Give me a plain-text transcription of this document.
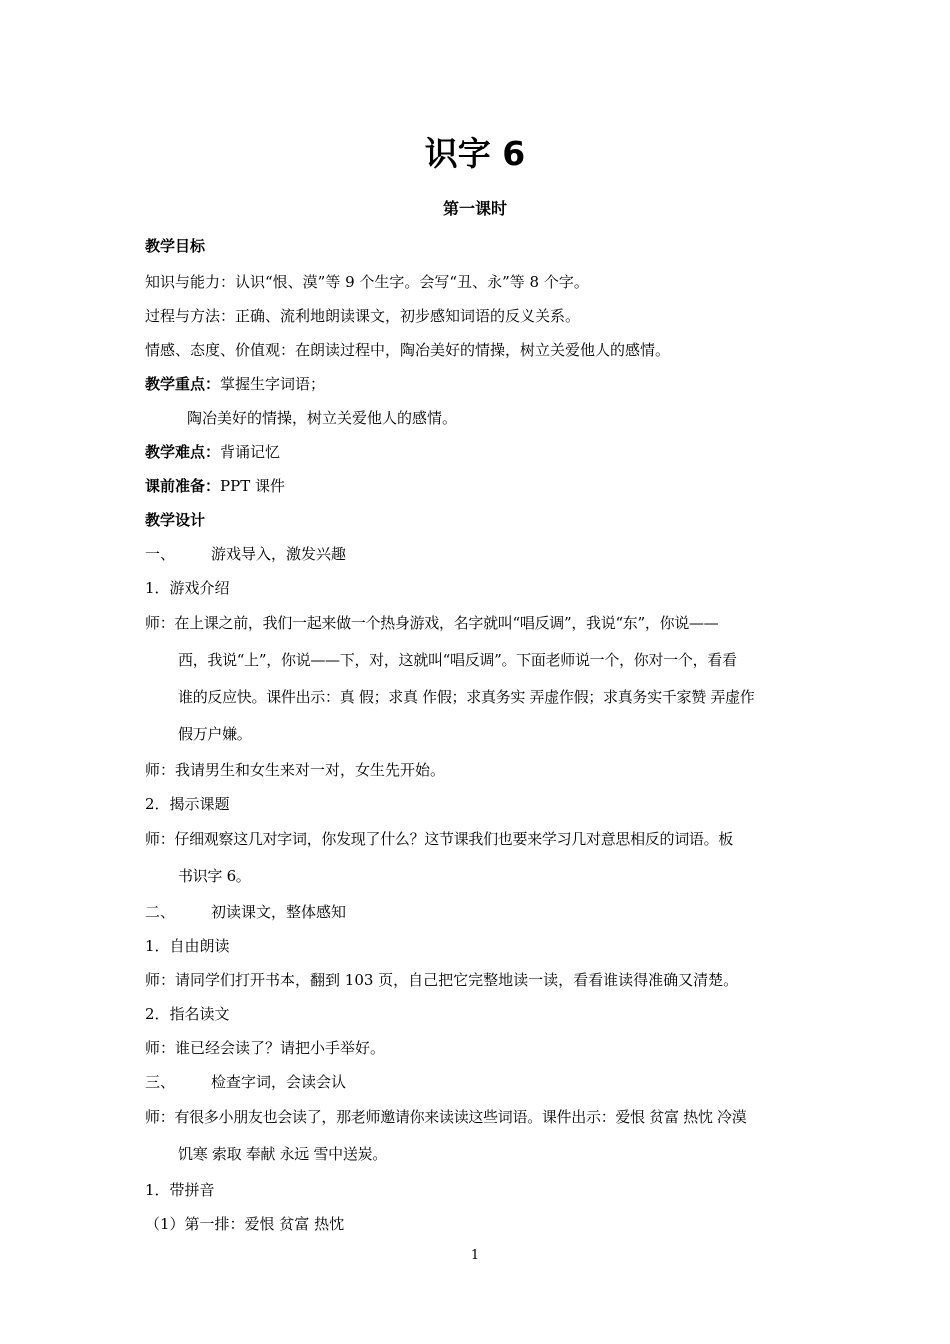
识字 6
第一课时
教学目标
知识与能力：认识“恨、漠”等 9 个生字。会写“丑、永”等 8 个字。
过程与方法：正确、流利地朗读课文，初步感知词语的反义关系。
情感、态度、价值观：在朗读过程中，陶冶美好的情操，树立关爱他人的感情。
教学重点：掌握生字词语；
陶冶美好的情操，树立关爱他人的感情。
教学难点：背诵记忆
课前准备：PPT 课件
教学设计
一、 游戏导入，激发兴趣
1．游戏介绍
师：在上课之前，我们一起来做一个热身游戏，名字就叫“唱反调”，我说“东”，你说——
西，我说“上”，你说——下，对，这就叫“唱反调”。下面老师说一个，你对一个，看看
谁的反应快。课件出示：真 假；求真 作假；求真务实 弄虚作假；求真务实千家赞 弄虚作
假万户嫌。
师：我请男生和女生来对一对，女生先开始。
2．揭示课题
师：仔细观察这几对字词，你发现了什么？这节课我们也要来学习几对意思相反的词语。板
书识字 6。
二、 初读课文，整体感知
1．自由朗读
师：请同学们打开书本，翻到 103 页，自己把它完整地读一读，看看谁读得准确又清楚。
2．指名读文
师：谁已经会读了？请把小手举好。
三、 检查字词，会读会认
师：有很多小朋友也会读了，那老师邀请你来读读这些词语。课件出示：爱恨 贫富 热忱 冷漠
饥寒 索取 奉献 永远 雪中送炭。
1．带拼音
（1）第一排：爱恨 贫富 热忱
1
